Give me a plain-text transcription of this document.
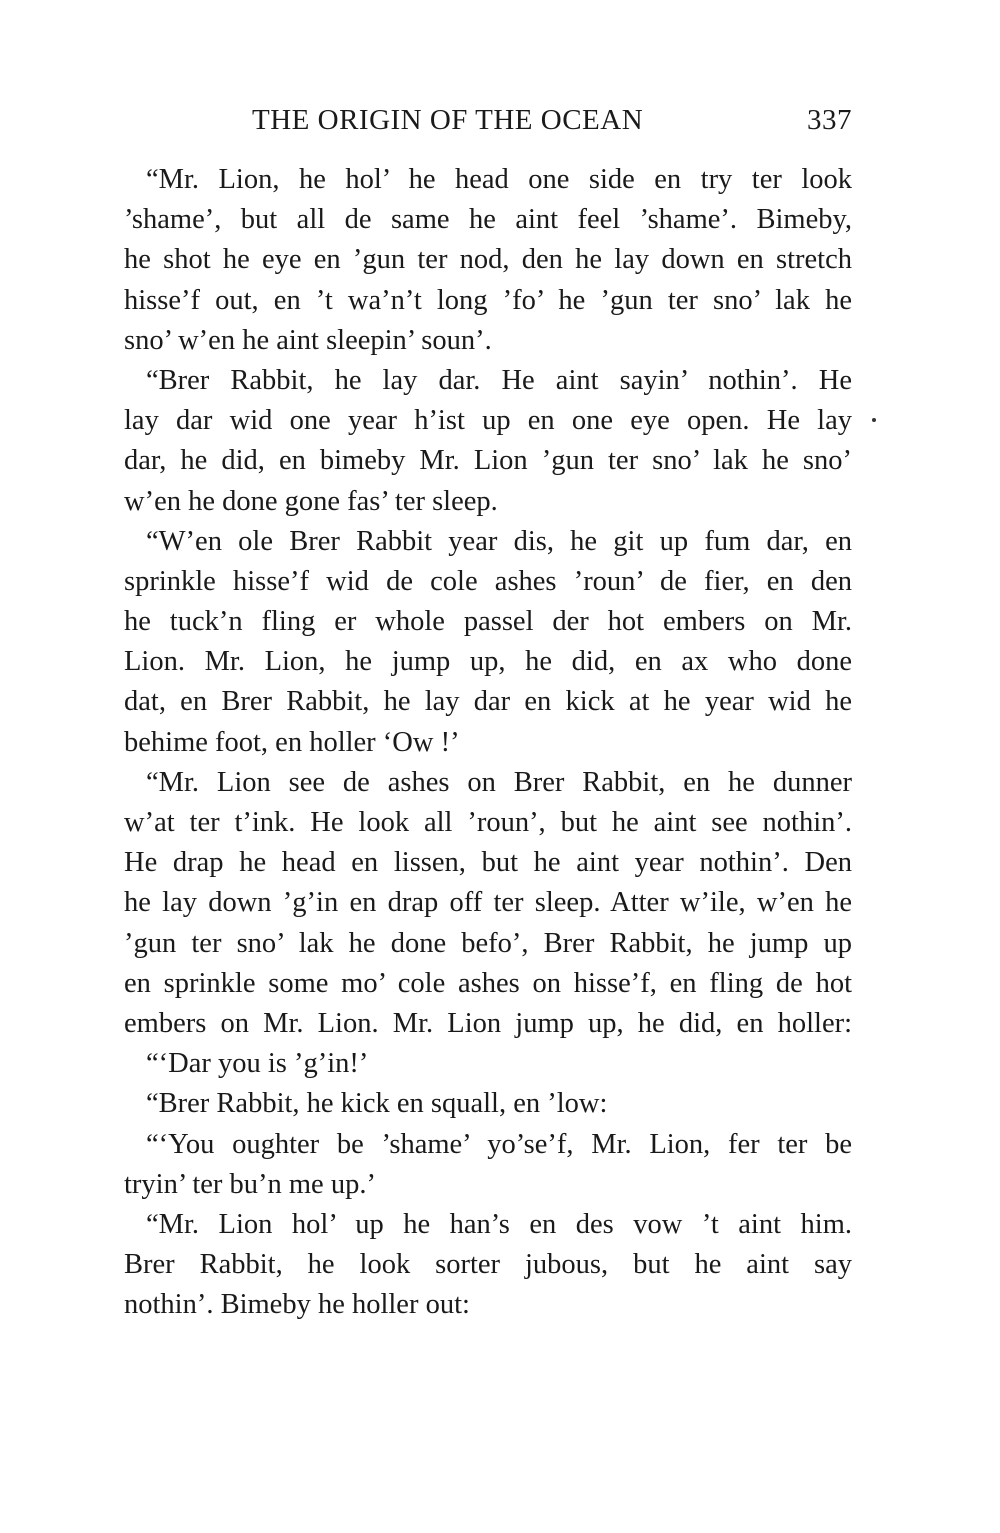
THE ORIGIN OF THE OCEAN	337
“Mr. Lion, he hol’ he head one side en try ter look
’shame’, but all de same he aint feel ’shame’. Bimeby,
he shot he eye en ’gun ter nod, den he lay down en stretch
hisse’f out, en ’t wa’n’t long ’fo’ he ’gun ter sno’ lak he
sno’ w’en he aint sleepin’ soun’.
“Brer Rabbit, he lay dar. He aint sayin’ nothin’. He
lay dar wid one year h’ist up en one eye open. He lay
dar, he did, en bimeby Mr. Lion ’gun ter sno’ lak he sno’
w’en he done gone fas’ ter sleep.
“W’en ole Brer Rabbit year dis, he git up fum dar, en
sprinkle hisse’f wid de cole ashes ’roun’ de fier, en den
he tuck’n fling er whole passel der hot embers on Mr.
Lion. Mr. Lion, he jump up, he did, en ax who done
dat, en Brer Rabbit, he lay dar en kick at he year wid he
behime foot, en holler ‘Ow !’
“Mr. Lion see de ashes on Brer Rabbit, en he dunner
w’at ter t’ink. He look all ’roun’, but he aint see nothin’.
He drap he head en lissen, but he aint year nothin’. Den
he lay down ’g’in en drap off ter sleep. Atter w’ile, w’en he
’gun ter sno’ lak he done befo’, Brer Rabbit, he jump up
en sprinkle some mo’ cole ashes on hisse’f, en fling de hot
embers on Mr. Lion. Mr. Lion jump up, he did, en holler:
“‘Dar you is ’g’in!’
“Brer Rabbit, he kick en squall, en ’low:
“‘You oughter be ’shame’ yo’se’f, Mr. Lion, fer ter be
tryin’ ter bu’n me up.’
“Mr. Lion hol’ up he han’s en des vow ’t aint him.
Brer Rabbit, he look sorter jubous, but he aint say
nothin’. Bimeby he holler out:
